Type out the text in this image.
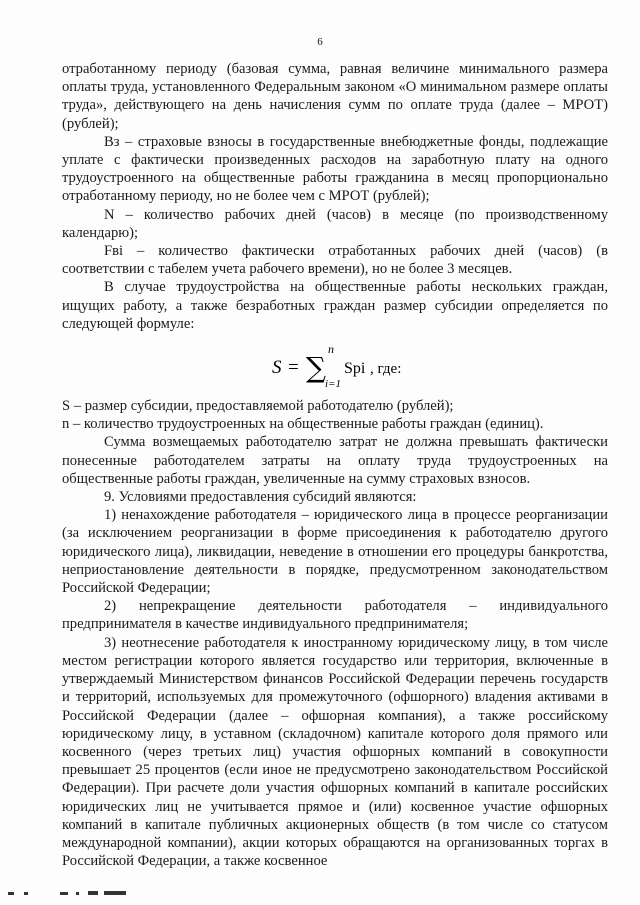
6

отработанному периоду (базовая сумма, равная величине минимального размера оплаты труда, установленного Федеральным законом «О минимальном размере оплаты труда», действующего на день начисления сумм по оплате труда (далее – МРОТ) (рублей);

Вз – страховые взносы в государственные внебюджетные фонды, подлежащие уплате с фактически произведенных расходов на заработную плату на одного трудоустроенного на общественные работы гражданина в месяц пропорционально отработанному периоду, но не более чем с МРОТ (рублей);

N – количество рабочих дней (часов) в месяце (по производственному календарю);

Fвi – количество фактически отработанных рабочих дней (часов) (в соответствии с табелем учета рабочего времени), но не более 3 месяцев.

В случае трудоустройства на общественные работы нескольких граждан, ищущих работу, а также безработных граждан размер субсидии определяется по следующей формуле:

S = ∑
n
i=1
Spi , где:

S – размер субсидии, предоставляемой работодателю (рублей);

n – количество трудоустроенных на общественные работы граждан (единиц).

Сумма возмещаемых работодателю затрат не должна превышать фактически понесенные работодателем затраты на оплату труда трудоустроенных на общественные работы граждан, увеличенные на сумму страховых взносов.

9. Условиями предоставления субсидий являются:

1) ненахождение работодателя – юридического лица в процессе реорганизации (за исключением реорганизации в форме присоединения к работодателю другого юридического лица), ликвидации, неведение в отношении его процедуры банкротства, неприостановление деятельности в порядке, предусмотренном законодательством Российской Федерации;

2) непрекращение деятельности работодателя – индивидуального предпринимателя в качестве индивидуального предпринимателя;

3) неотнесение работодателя к иностранному юридическому лицу, в том числе местом регистрации которого является государство или территория, включенные в утверждаемый Министерством финансов Российской Федерации перечень государств и территорий, используемых для промежуточного (офшорного) владения активами в Российской Федерации (далее – офшорная компания), а также российскому юридическому лицу, в уставном (складочном) капитале которого доля прямого или косвенного (через третьих лиц) участия офшорных компаний в совокупности превышает 25 процентов (если иное не предусмотрено законодательством Российской Федерации). При расчете доли участия офшорных компаний в капитале российских юридических лиц не учитывается прямое и (или) косвенное участие офшорных компаний в капитале публичных акционерных обществ (в том числе со статусом международной компании), акции которых обращаются на организованных торгах в Российской Федерации, а также косвенное
